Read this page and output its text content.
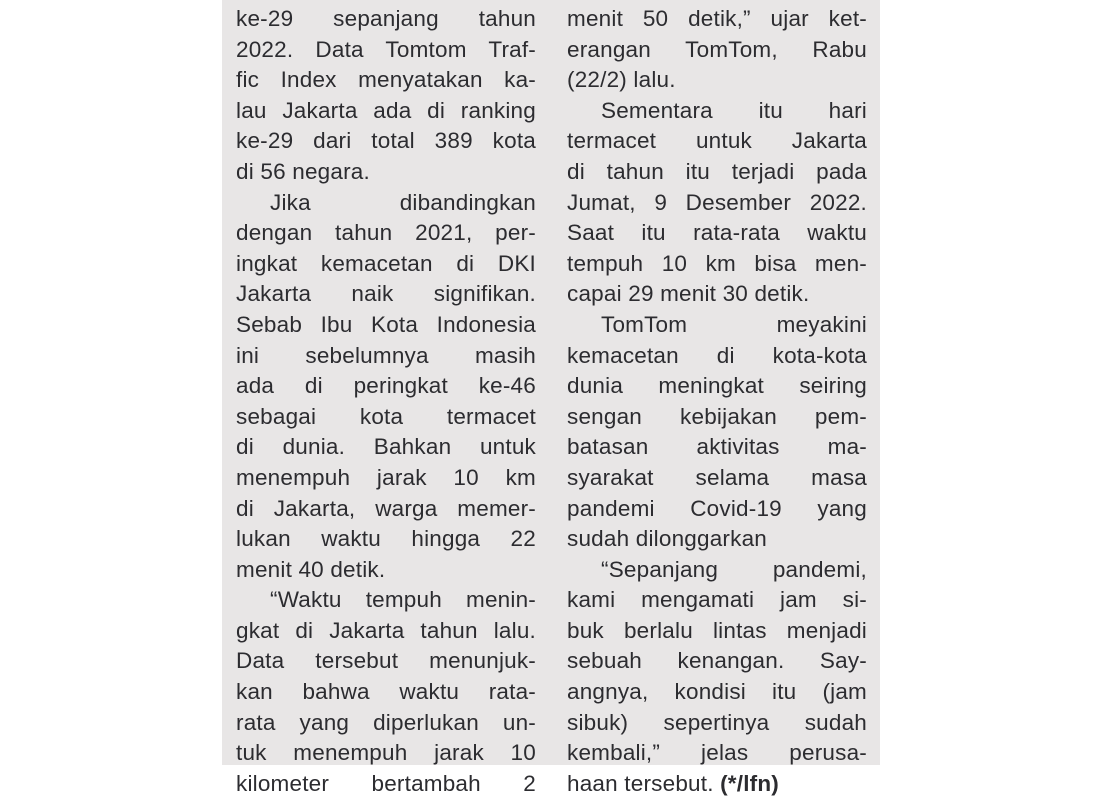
ke-29 sepanjang tahun
2022. Data Tomtom Traf-
fic Index menyatakan ka-
lau Jakarta ada di ranking
ke-29 dari total 389 kota
di 56 negara.
Jika dibandingkan
dengan tahun 2021, per-
ingkat kemacetan di DKI
Jakarta naik signifikan.
Sebab Ibu Kota Indonesia
ini sebelumnya masih
ada di peringkat ke-46
sebagai kota termacet
di dunia. Bahkan untuk
menempuh jarak 10 km
di Jakarta, warga memer-
lukan waktu hingga 22
menit 40 detik.
“Waktu tempuh menin-
gkat di Jakarta tahun lalu.
Data tersebut menunjuk-
kan bahwa waktu rata-
rata yang diperlukan un-
tuk menempuh jarak 10
kilometer bertambah 2
menit 50 detik,” ujar ket-
erangan TomTom, Rabu
(22/2) lalu.
Sementara itu hari
termacet untuk Jakarta
di tahun itu terjadi pada
Jumat, 9 Desember 2022.
Saat itu rata-rata waktu
tempuh 10 km bisa men-
capai 29 menit 30 detik.
TomTom meyakini
kemacetan di kota-kota
dunia meningkat seiring
sengan kebijakan pem-
batasan aktivitas ma-
syarakat selama masa
pandemi Covid-19 yang
sudah dilonggarkan
“Sepanjang pandemi,
kami mengamati jam si-
buk berlalu lintas menjadi
sebuah kenangan. Say-
angnya, kondisi itu (jam
sibuk) sepertinya sudah
kembali,” jelas perusa-
haan tersebut. (*/lfn)
